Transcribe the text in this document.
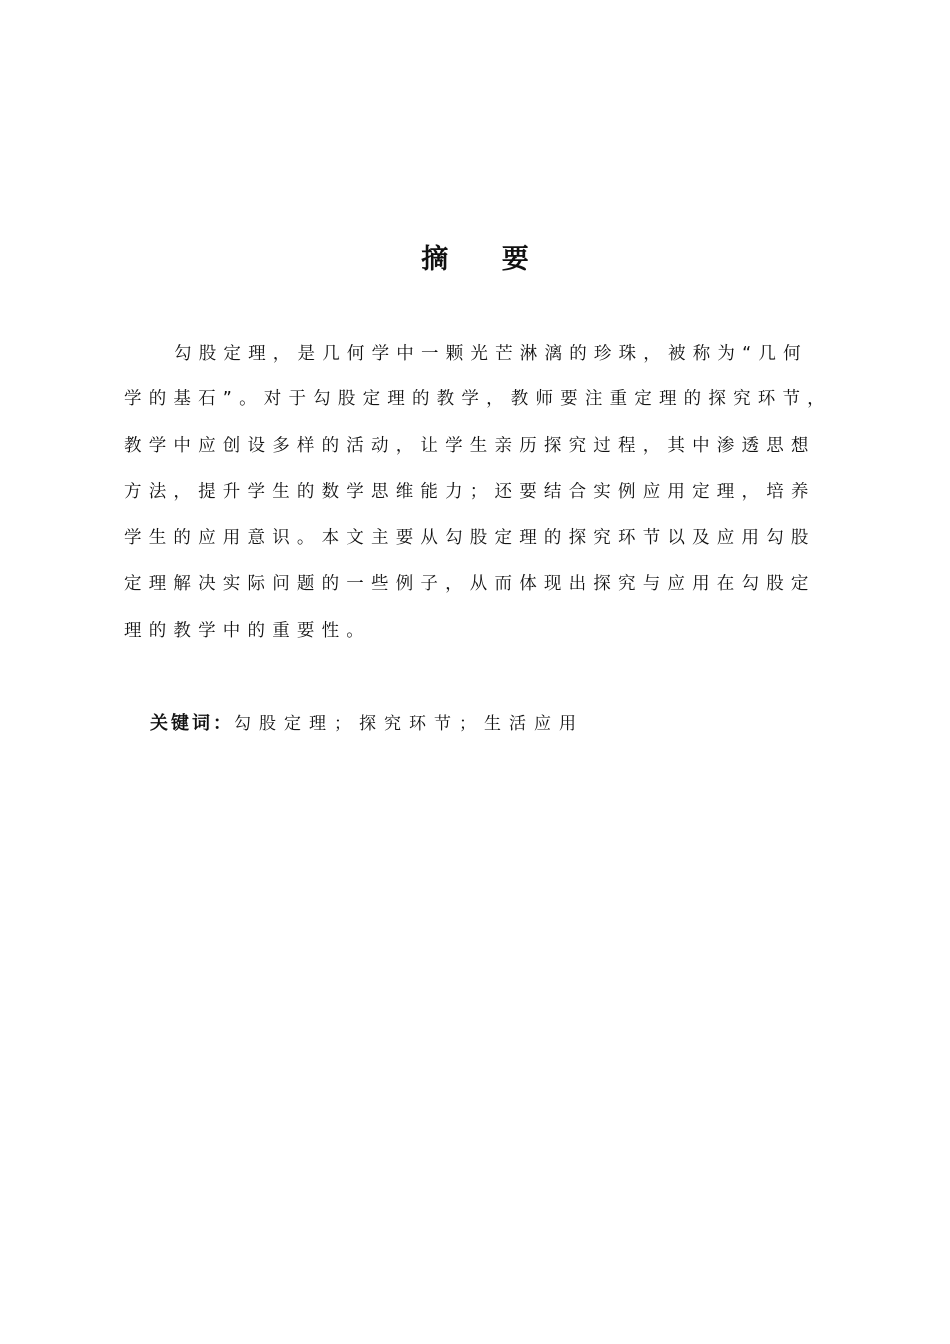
摘 要

勾股定理，是几何学中一颗光芒淋漓的珍珠，被称为“几何

学的基石”。对于勾股定理的教学，教师要注重定理的探究环节，

教学中应创设多样的活动，让学生亲历探究过程，其中渗透思想

方法，提升学生的数学思维能力；还要结合实例应用定理，培养

学生的应用意识。本文主要从勾股定理的探究环节以及应用勾股

定理解决实际问题的一些例子，从而体现出探究与应用在勾股定

理的教学中的重要性。

关键词：勾股定理；探究环节；生活应用
